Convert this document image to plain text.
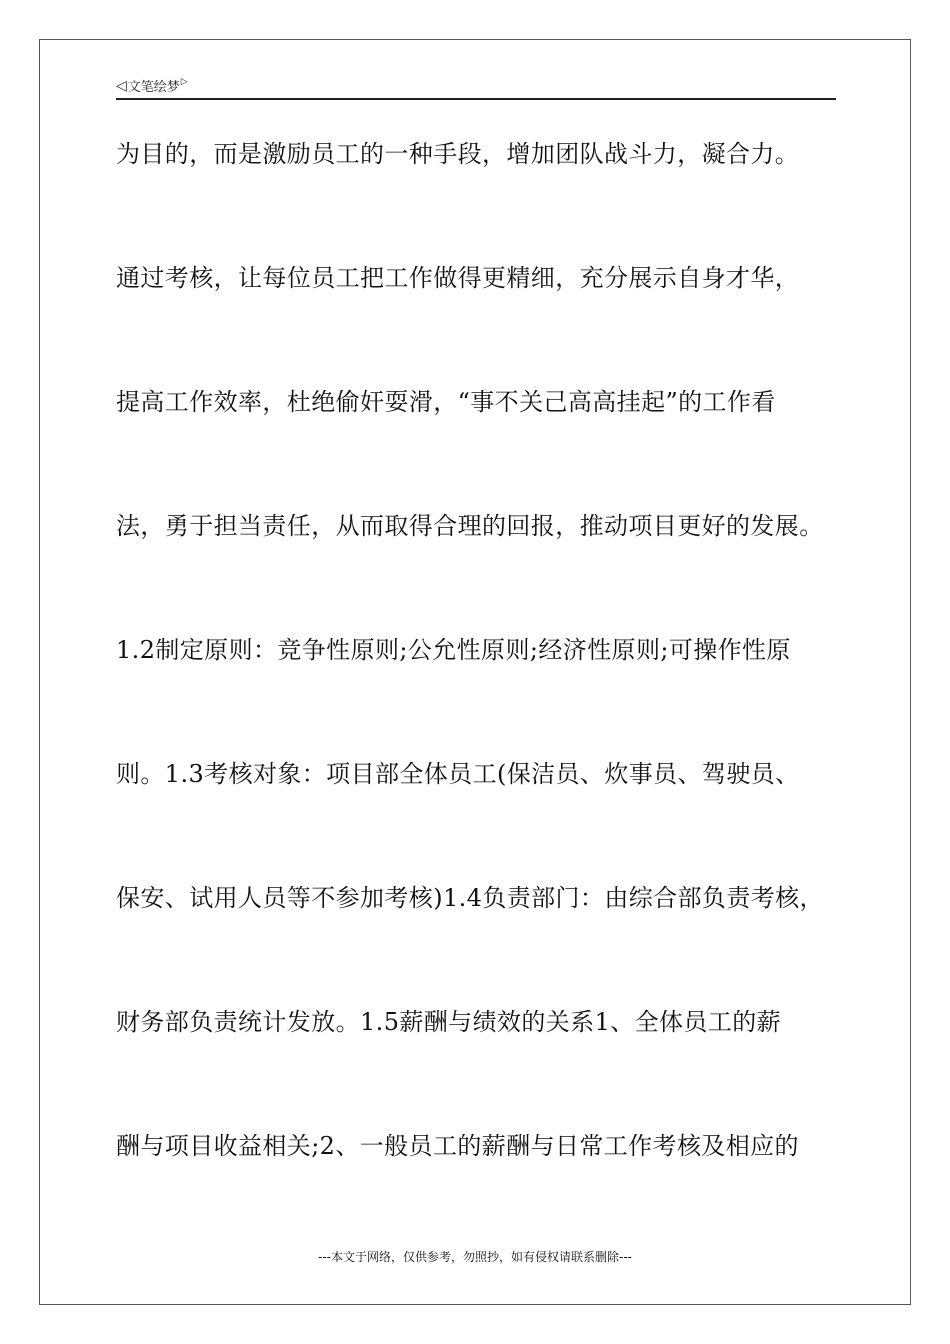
◁ 文笔绘梦 ▷
为目的，而是激励员工的一种手段，增加团队战斗力，凝合力。
通过考核，让每位员工把工作做得更精细，充分展示自身才华，
提高工作效率，杜绝偷奸耍滑，“事不关己高高挂起”的工作看
法，勇于担当责任，从而取得合理的回报，推动项目更好的发展。
1.2制定原则：竞争性原则;公允性原则;经济性原则;可操作性原
则。1.3考核对象：项目部全体员工(保洁员、炊事员、驾驶员、
保安、试用人员等不参加考核)1.4负责部门：由综合部负责考核，
财务部负责统计发放。1.5薪酬与绩效的关系1、全体员工的薪
酬与项目收益相关;2、一般员工的薪酬与日常工作考核及相应的
---本文于网络，仅供参考，勿照抄，如有侵权请联系删除---
